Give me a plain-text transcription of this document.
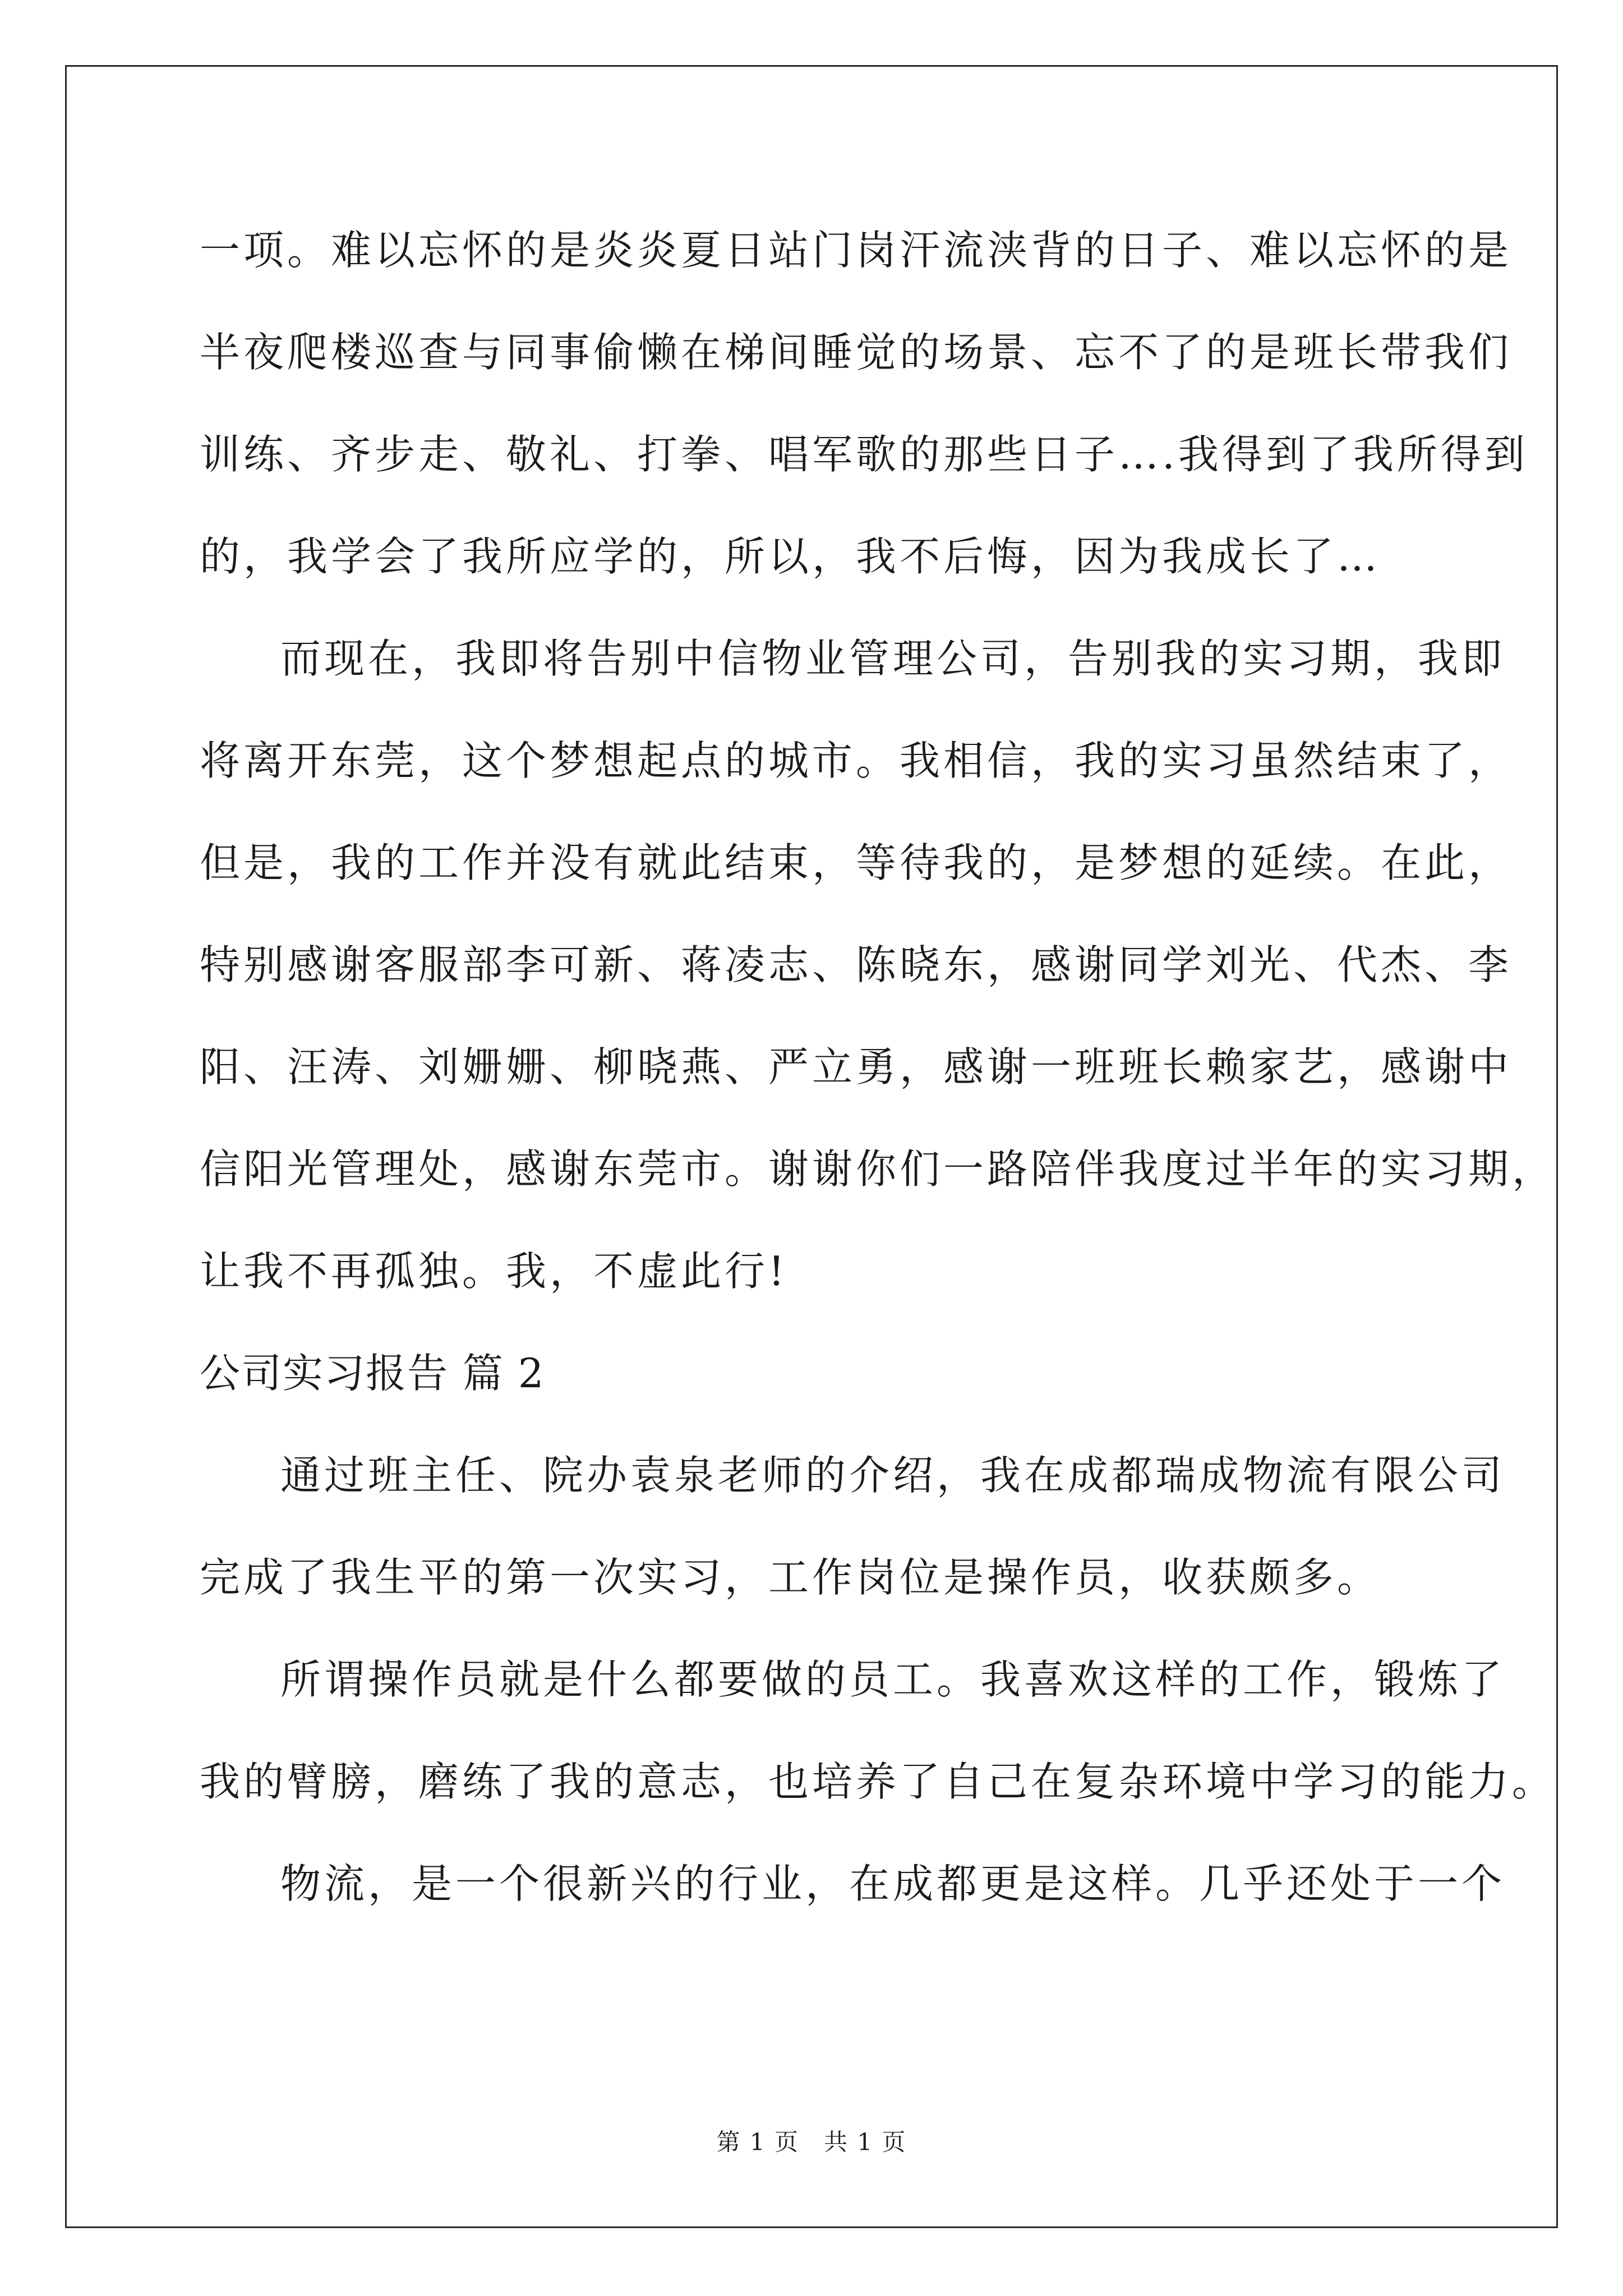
一项。难以忘怀的是炎炎夏日站门岗汗流浃背的日子、难以忘怀的是
半夜爬楼巡查与同事偷懒在梯间睡觉的场景、忘不了的是班长带我们
训练、齐步走、敬礼、打拳、唱军歌的那些日子….我得到了我所得到
的，我学会了我所应学的，所以，我不后悔，因为我成长了…
而现在，我即将告别中信物业管理公司，告别我的实习期，我即
将离开东莞，这个梦想起点的城市。我相信，我的实习虽然结束了，
但是，我的工作并没有就此结束，等待我的，是梦想的延续。在此，
特别感谢客服部李可新、蒋凌志、陈晓东，感谢同学刘光、代杰、李
阳、汪涛、刘姗姗、柳晓燕、严立勇，感谢一班班长赖家艺，感谢中
信阳光管理处，感谢东莞市。谢谢你们一路陪伴我度过半年的实习期，
让我不再孤独。我，不虚此行!
公司实习报告 篇 2
通过班主任、院办袁泉老师的介绍，我在成都瑞成物流有限公司
完成了我生平的第一次实习，工作岗位是操作员，收获颇多。
所谓操作员就是什么都要做的员工。我喜欢这样的工作，锻炼了
我的臂膀，磨练了我的意志，也培养了自己在复杂环境中学习的能力。
物流，是一个很新兴的行业，在成都更是这样。几乎还处于一个
第 1 页　共 1 页
